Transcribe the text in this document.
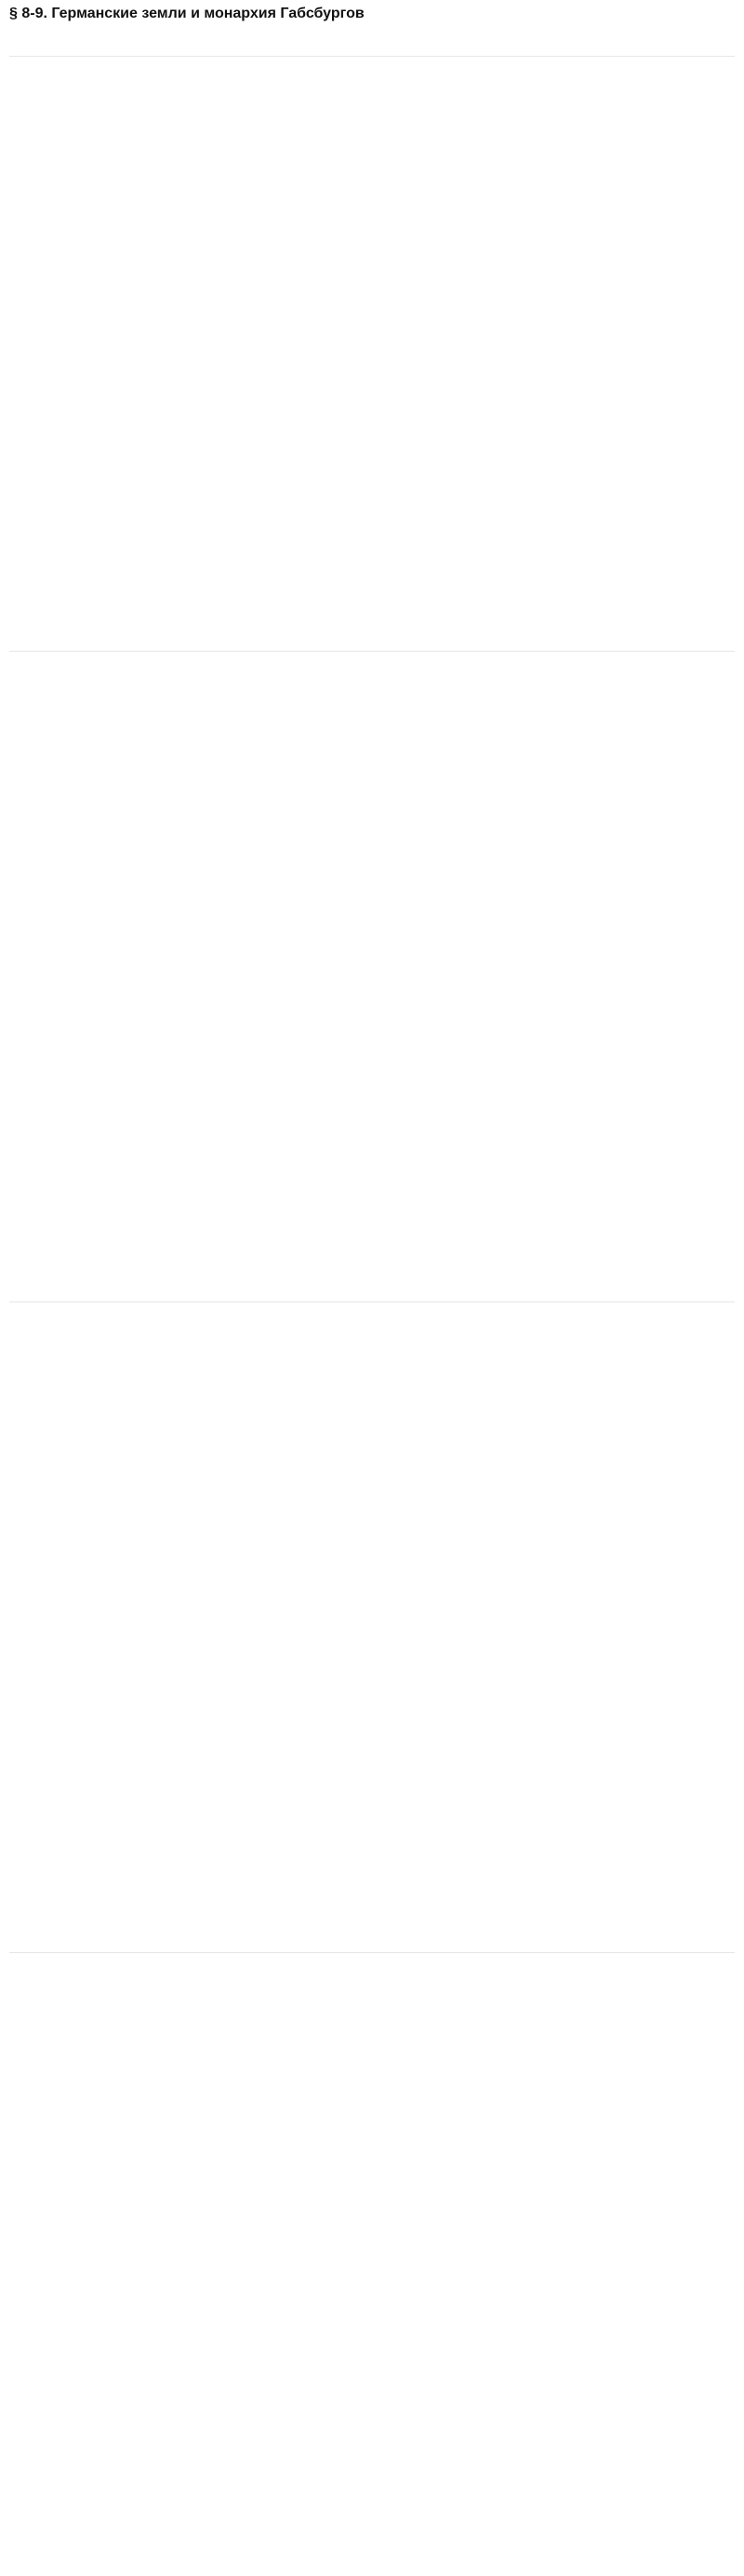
§ 8-9. Германские земли и монархия Габсбургов
